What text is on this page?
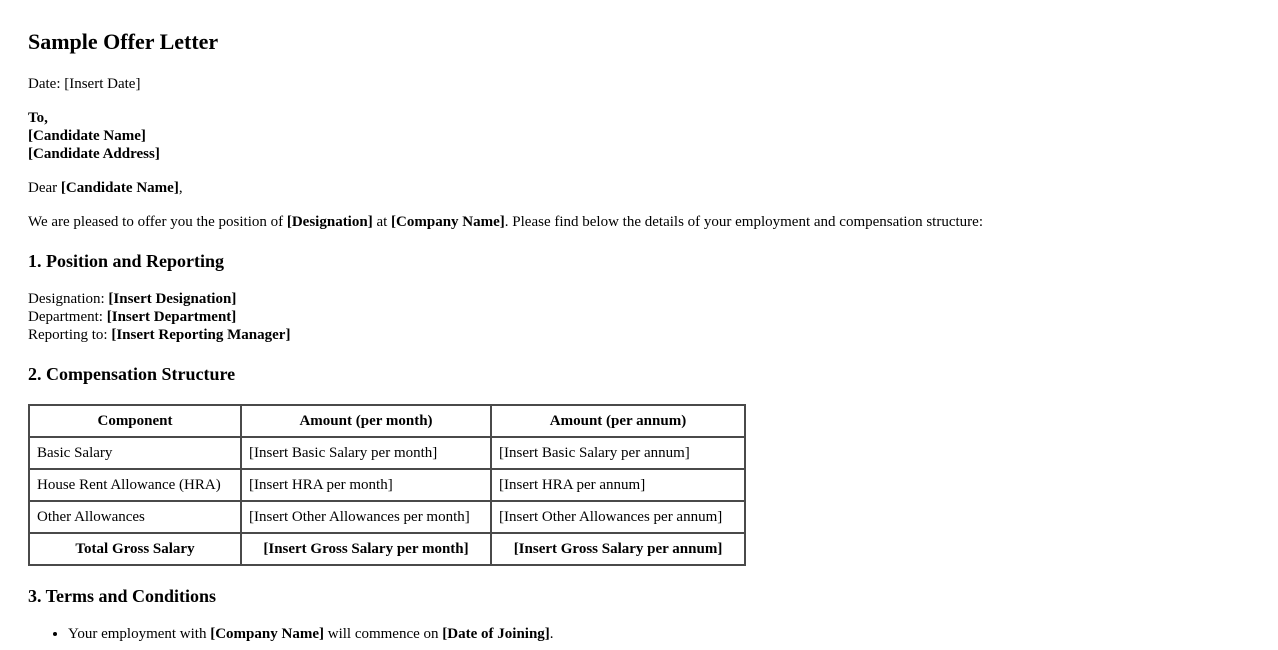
Sample Offer Letter
Date: [Insert Date]
To,
[Candidate Name]
[Candidate Address]
Dear [Candidate Name],
We are pleased to offer you the position of [Designation] at [Company Name]. Please find below the details of your employment and compensation structure:
1. Position and Reporting
Designation: [Insert Designation]
Department: [Insert Department]
Reporting to: [Insert Reporting Manager]
2. Compensation Structure
Component	Amount (per month)	Amount (per annum)
Basic Salary	[Insert Basic Salary per month]	[Insert Basic Salary per annum]
House Rent Allowance (HRA)	[Insert HRA per month]	[Insert HRA per annum]
Other Allowances	[Insert Other Allowances per month]	[Insert Other Allowances per annum]
Total Gross Salary	[Insert Gross Salary per month]	[Insert Gross Salary per annum]
3. Terms and Conditions
• Your employment with [Company Name] will commence on [Date of Joining].
